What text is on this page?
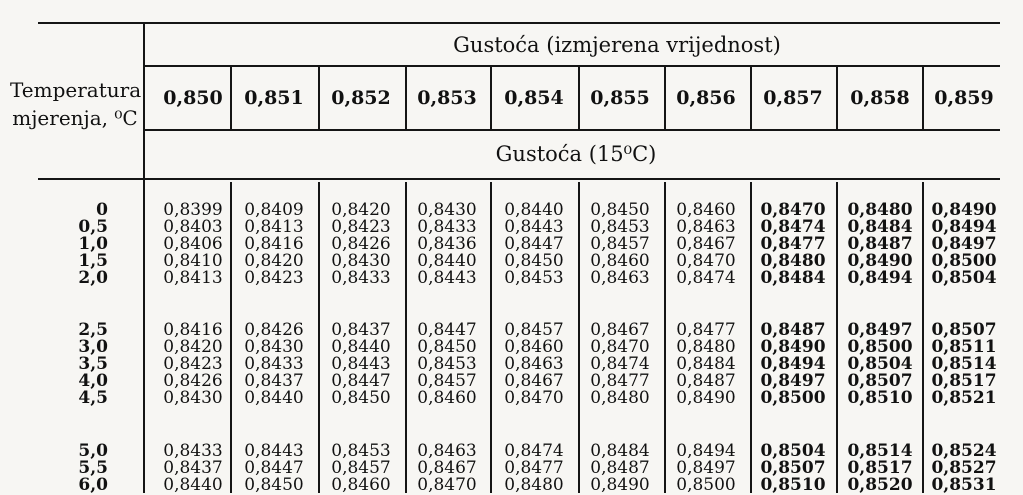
Gustoća (izmjerena vrijednost)
Gustoća (15⁰C)
Temperatura
mjerenja, ⁰C
0,850 0,851 0,852 0,853 0,854 0,855 0,856 0,857 0,858 0,859
0	0,8399 0,8409 0,8420 0,8430 0,8440 0,8450 0,8460 0,8470 0,8480 0,8490
0,5	0,8403 0,8413 0,8423 0,8433 0,8443 0,8453 0,8463 0,8474 0,8484 0,8494
1,0	0,8406 0,8416 0,8426 0,8436 0,8447 0,8457 0,8467 0,8477 0,8487 0,8497
1,5	0,8410 0,8420 0,8430 0,8440 0,8450 0,8460 0,8470 0,8480 0,8490 0,8500
2,0	0,8413 0,8423 0,8433 0,8443 0,8453 0,8463 0,8474 0,8484 0,8494 0,8504
2,5	0,8416 0,8426 0,8437 0,8447 0,8457 0,8467 0,8477 0,8487 0,8497 0,8507
3,0	0,8420 0,8430 0,8440 0,8450 0,8460 0,8470 0,8480 0,8490 0,8500 0,8511
3,5	0,8423 0,8433 0,8443 0,8453 0,8463 0,8474 0,8484 0,8494 0,8504 0,8514
4,0	0,8426 0,8437 0,8447 0,8457 0,8467 0,8477 0,8487 0,8497 0,8507 0,8517
4,5	0,8430 0,8440 0,8450 0,8460 0,8470 0,8480 0,8490 0,8500 0,8510 0,8521
5,0	0,8433 0,8443 0,8453 0,8463 0,8474 0,8484 0,8494 0,8504 0,8514 0,8524
5,5	0,8437 0,8447 0,8457 0,8467 0,8477 0,8487 0,8497 0,8507 0,8517 0,8527
6,0	0,8440 0,8450 0,8460 0,8470 0,8480 0,8490 0,8500 0,8510 0,8520 0,8531
